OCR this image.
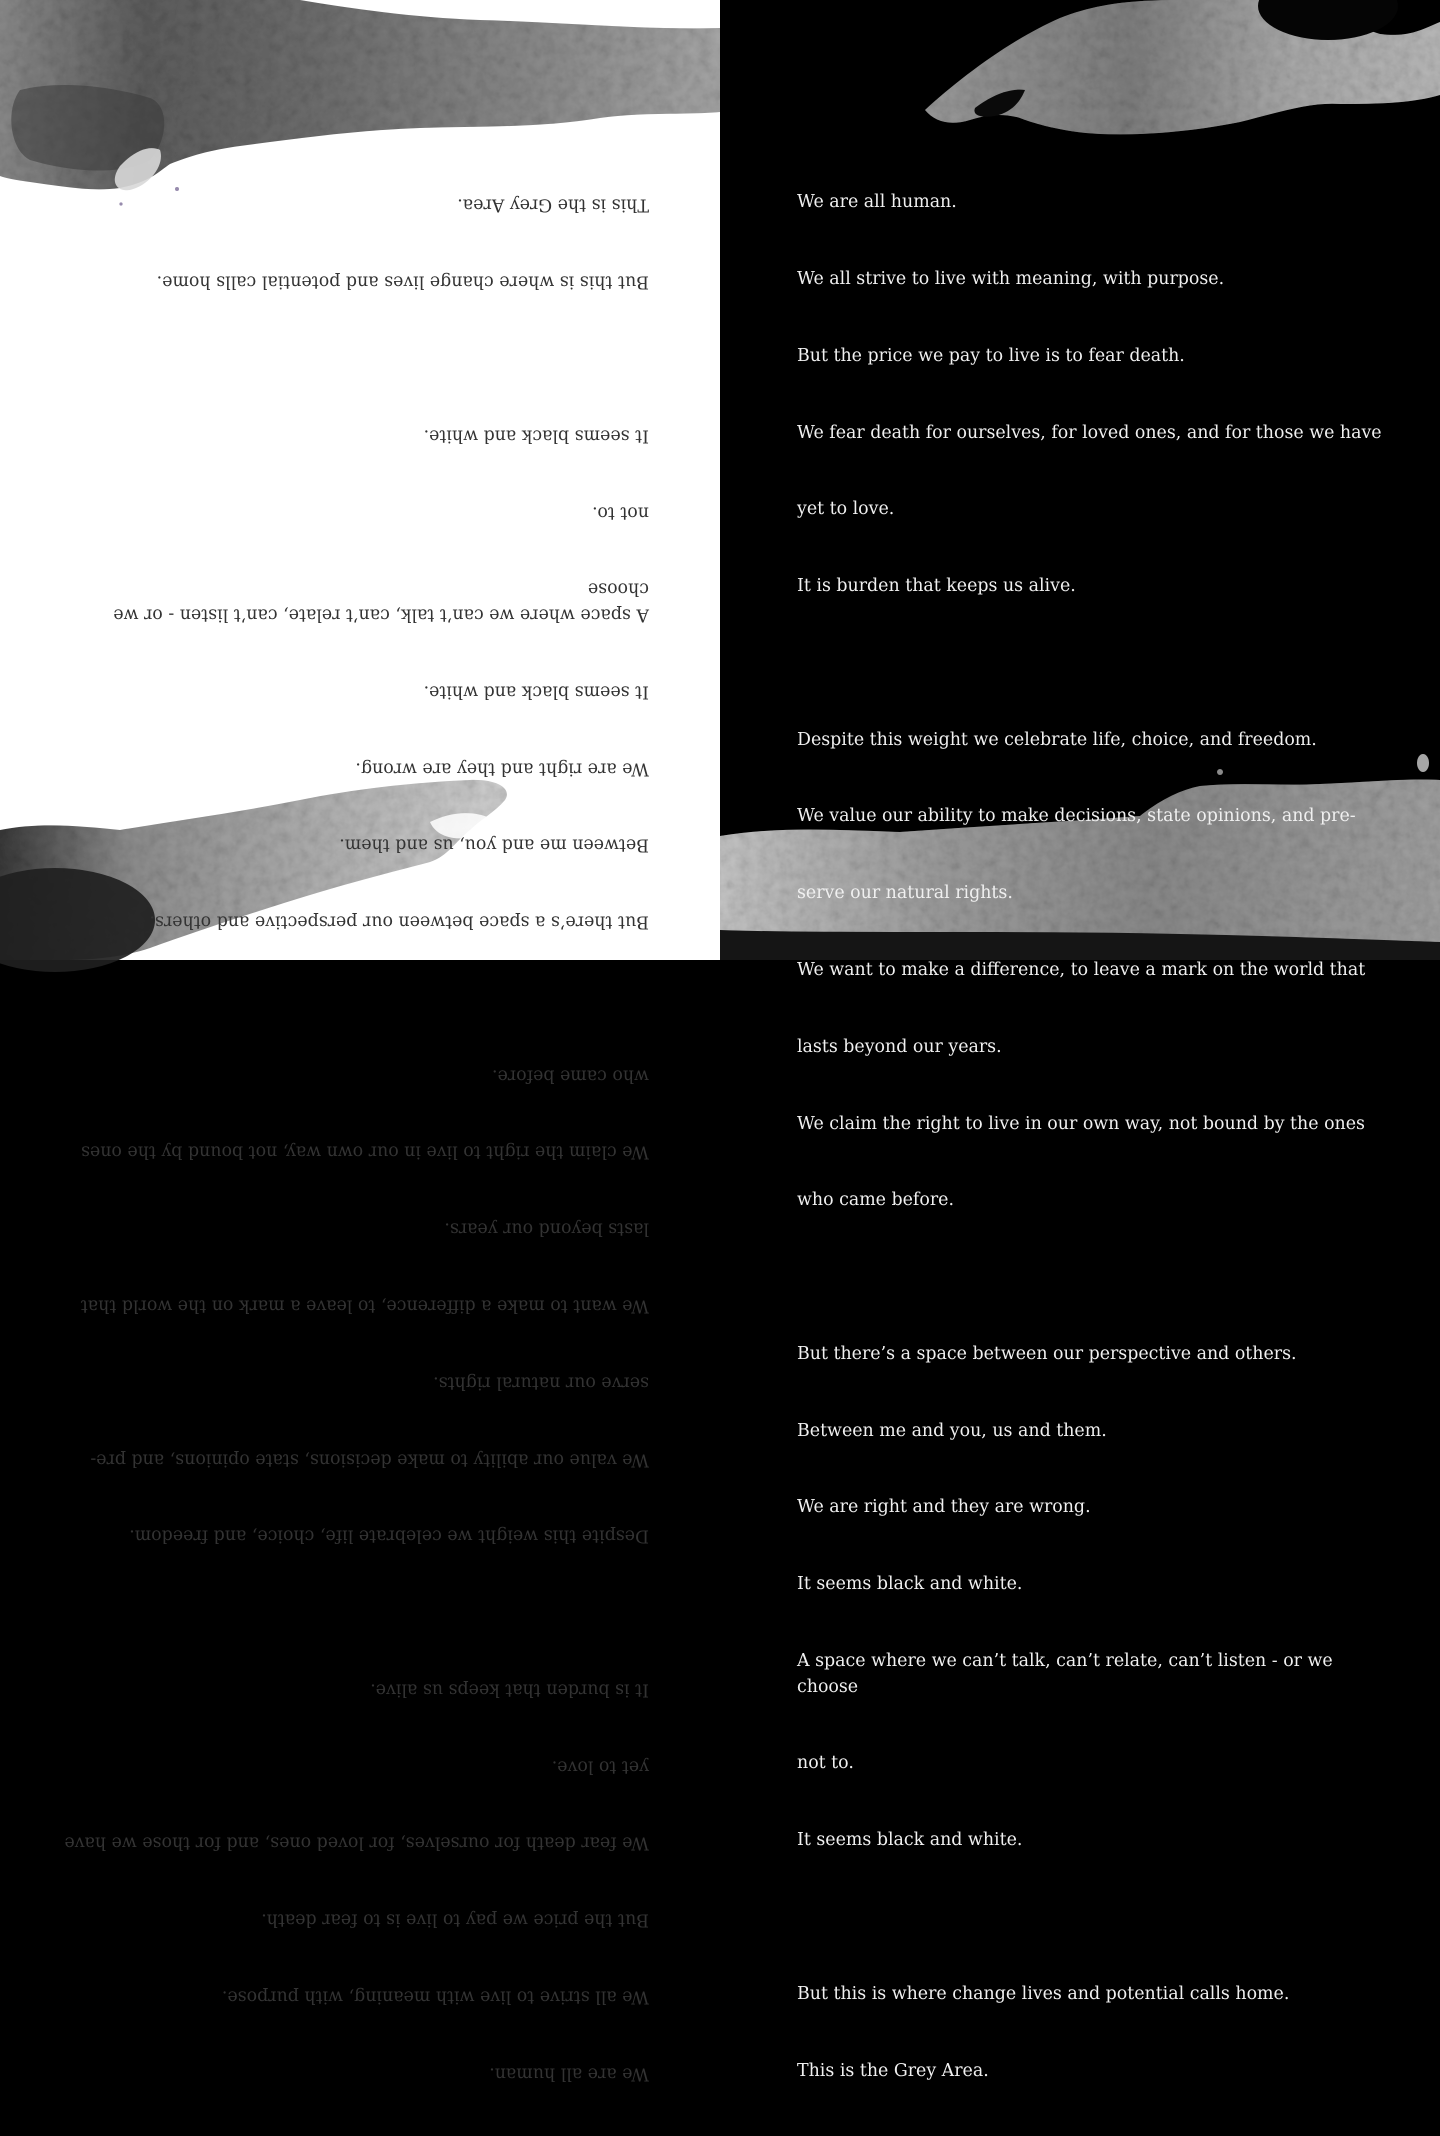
We are all human.

We all strive to live with meaning, with purpose.

But the price we pay to live is to fear death.

We fear death for ourselves, for loved ones, and for those we have

yet to love.

It is burden that keeps us alive.

Despite this weight we celebrate life, choice, and freedom.

We value our ability to make decisions, state opinions, and pre-

serve our natural rights.

We want to make a difference, to leave a mark on the world that

lasts beyond our years.

We claim the right to live in our own way, not bound by the ones

who came before.

But there’s a space between our perspective and others.

Between me and you, us and them.

We are right and they are wrong.

It seems black and white.

A space where we can’t talk, can’t relate, can’t listen - or we choose

not to.

It seems black and white.

But this is where change lives and potential calls home.

This is the Grey Area.

	We are all human.

We all strive to live with meaning, with purpose.

But the price we pay to live is to fear death.

We fear death for ourselves, for loved ones, and for those we have

yet to love.

It is burden that keeps us alive.

Despite this weight we celebrate life, choice, and freedom.

We value our ability to make decisions, state opinions, and pre-

serve our natural rights.

We want to make a difference, to leave a mark on the world that

lasts beyond our years.

We claim the right to live in our own way, not bound by the ones

who came before.

But there’s a space between our perspective and others.

Between me and you, us and them.

We are right and they are wrong.

It seems black and white.

A space where we can’t talk, can’t relate, can’t listen - or we choose

not to.

It seems black and white.

But this is where change lives and potential calls home.

This is the Grey Area.
